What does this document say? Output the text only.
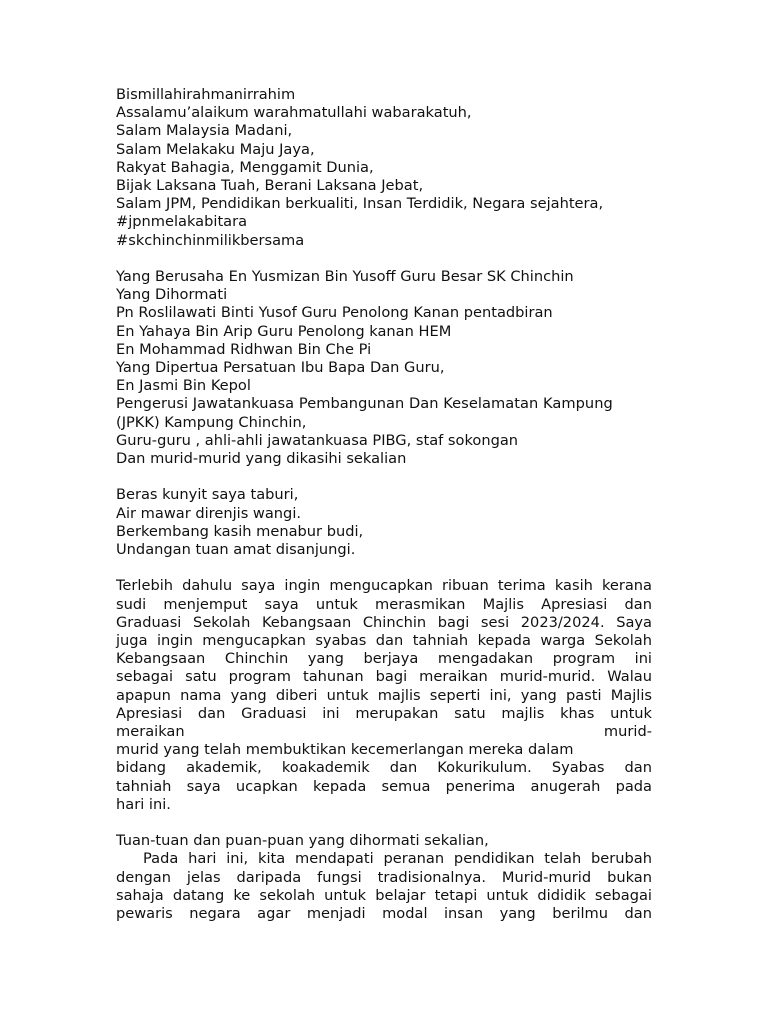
Bismillahirahmanirrahim
Assalamu’alaikum warahmatullahi wabarakatuh,
Salam Malaysia Madani,
Salam Melakaku Maju Jaya,
Rakyat Bahagia, Menggamit Dunia,
Bijak Laksana Tuah, Berani Laksana Jebat,
Salam JPM, Pendidikan berkualiti, Insan Terdidik, Negara sejahtera,
#jpnmelakabitara
#skchinchinmilikbersama
Yang Berusaha En Yusmizan Bin Yusoff Guru Besar SK Chinchin
Yang Dihormati
Pn Roslilawati Binti Yusof Guru Penolong Kanan pentadbiran
En Yahaya Bin Arip Guru Penolong kanan HEM
En Mohammad Ridhwan Bin Che Pi
Yang Dipertua Persatuan Ibu Bapa Dan Guru,
En Jasmi Bin Kepol
Pengerusi Jawatankuasa Pembangunan Dan Keselamatan Kampung
(JPKK) Kampung Chinchin,
Guru-guru , ahli-ahli jawatankuasa PIBG, staf sokongan
Dan murid-murid yang dikasihi sekalian
Beras kunyit saya taburi,
Air mawar direnjis wangi.
Berkembang kasih menabur budi,
Undangan tuan amat disanjungi.
Terlebih dahulu saya ingin mengucapkan ribuan terima kasih kerana
sudi menjemput saya untuk merasmikan Majlis Apresiasi dan
Graduasi Sekolah Kebangsaan Chinchin bagi sesi 2023/2024. Saya
juga ingin mengucapkan syabas dan tahniah kepada warga Sekolah
Kebangsaan Chinchin yang berjaya mengadakan program ini
sebagai satu program tahunan bagi meraikan murid-murid. Walau
apapun nama yang diberi untuk majlis seperti ini, yang pasti Majlis
Apresiasi dan Graduasi ini merupakan satu majlis khas untuk
meraikan murid-
murid yang telah membuktikan kecemerlangan mereka dalam
bidang akademik, koakademik dan Kokurikulum. Syabas dan
tahniah saya ucapkan kepada semua penerima anugerah pada
hari ini.
Tuan-tuan dan puan-puan yang dihormati sekalian,
Pada hari ini, kita mendapati peranan pendidikan telah berubah
dengan jelas daripada fungsi tradisionalnya. Murid-murid bukan
sahaja datang ke sekolah untuk belajar tetapi untuk dididik sebagai
pewaris negara agar menjadi modal insan yang berilmu dan
